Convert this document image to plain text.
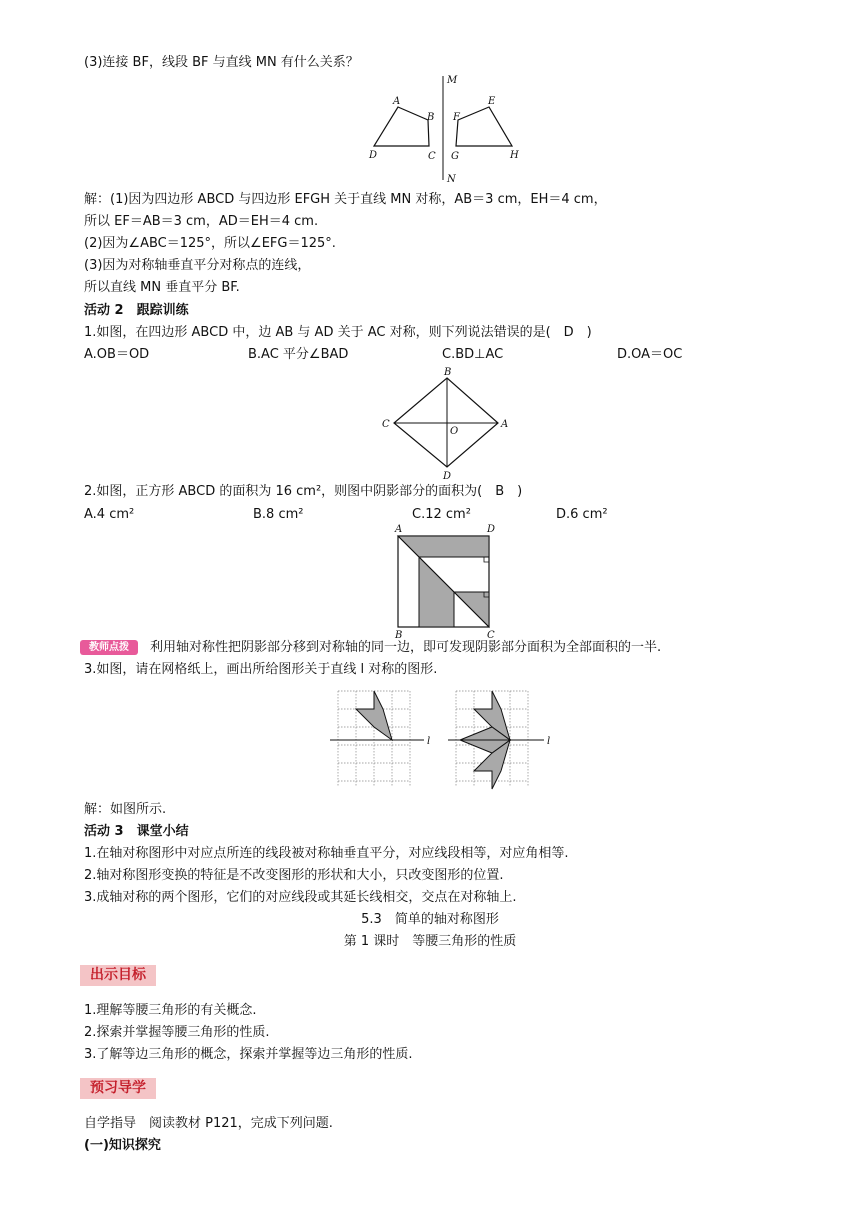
(3)连接 BF，线段 BF 与直线 MN 有什么关系？
M
N
A
B
C
D
E
F
G	H
解：(1)因为四边形 ABCD 与四边形 EFGH 关于直线 MN 对称，AB＝3 cm，EH＝4 cm，
所以 EF＝AB＝3 cm，AD＝EH＝4 cm.
(2)因为∠ABC＝125°，所以∠EFG＝125°.
(3)因为对称轴垂直平分对称点的连线，
所以直线 MN 垂直平分 BF.
活动 2　跟踪训练
1.如图，在四边形 ABCD 中，边 AB 与 AD 关于 AC 对称，则下列说法错误的是(　D　)
A.OB＝OD	B.AC 平分∠BAD	C.BD⊥AC	D.OA＝OC
B
C
O
A
D
2.如图，正方形 ABCD 的面积为 16 cm²，则图中阴影部分的面积为(　B　)
A.4 cm²	B.8 cm²	C.12 cm²	D.6 cm²
A	D
B	C
教师点拨	利用轴对称性把阴影部分移到对称轴的同一边，即可发现阴影部分面积为全部面积的一半.
3.如图，请在网格纸上，画出所给图形关于直线 l 对称的图形.
l	l
解：如图所示.
活动 3　课堂小结
1.在轴对称图形中对应点所连的线段被对称轴垂直平分，对应线段相等，对应角相等.
2.轴对称图形变换的特征是不改变图形的形状和大小，只改变图形的位置.
3.成轴对称的两个图形，它们的对应线段或其延长线相交，交点在对称轴上.
5.3　简单的轴对称图形
第 1 课时　等腰三角形的性质
出示目标
1.理解等腰三角形的有关概念.
2.探索并掌握等腰三角形的性质.
3.了解等边三角形的概念，探索并掌握等边三角形的性质.
预习导学
自学指导　阅读教材 P121，完成下列问题.
(一)知识探究
